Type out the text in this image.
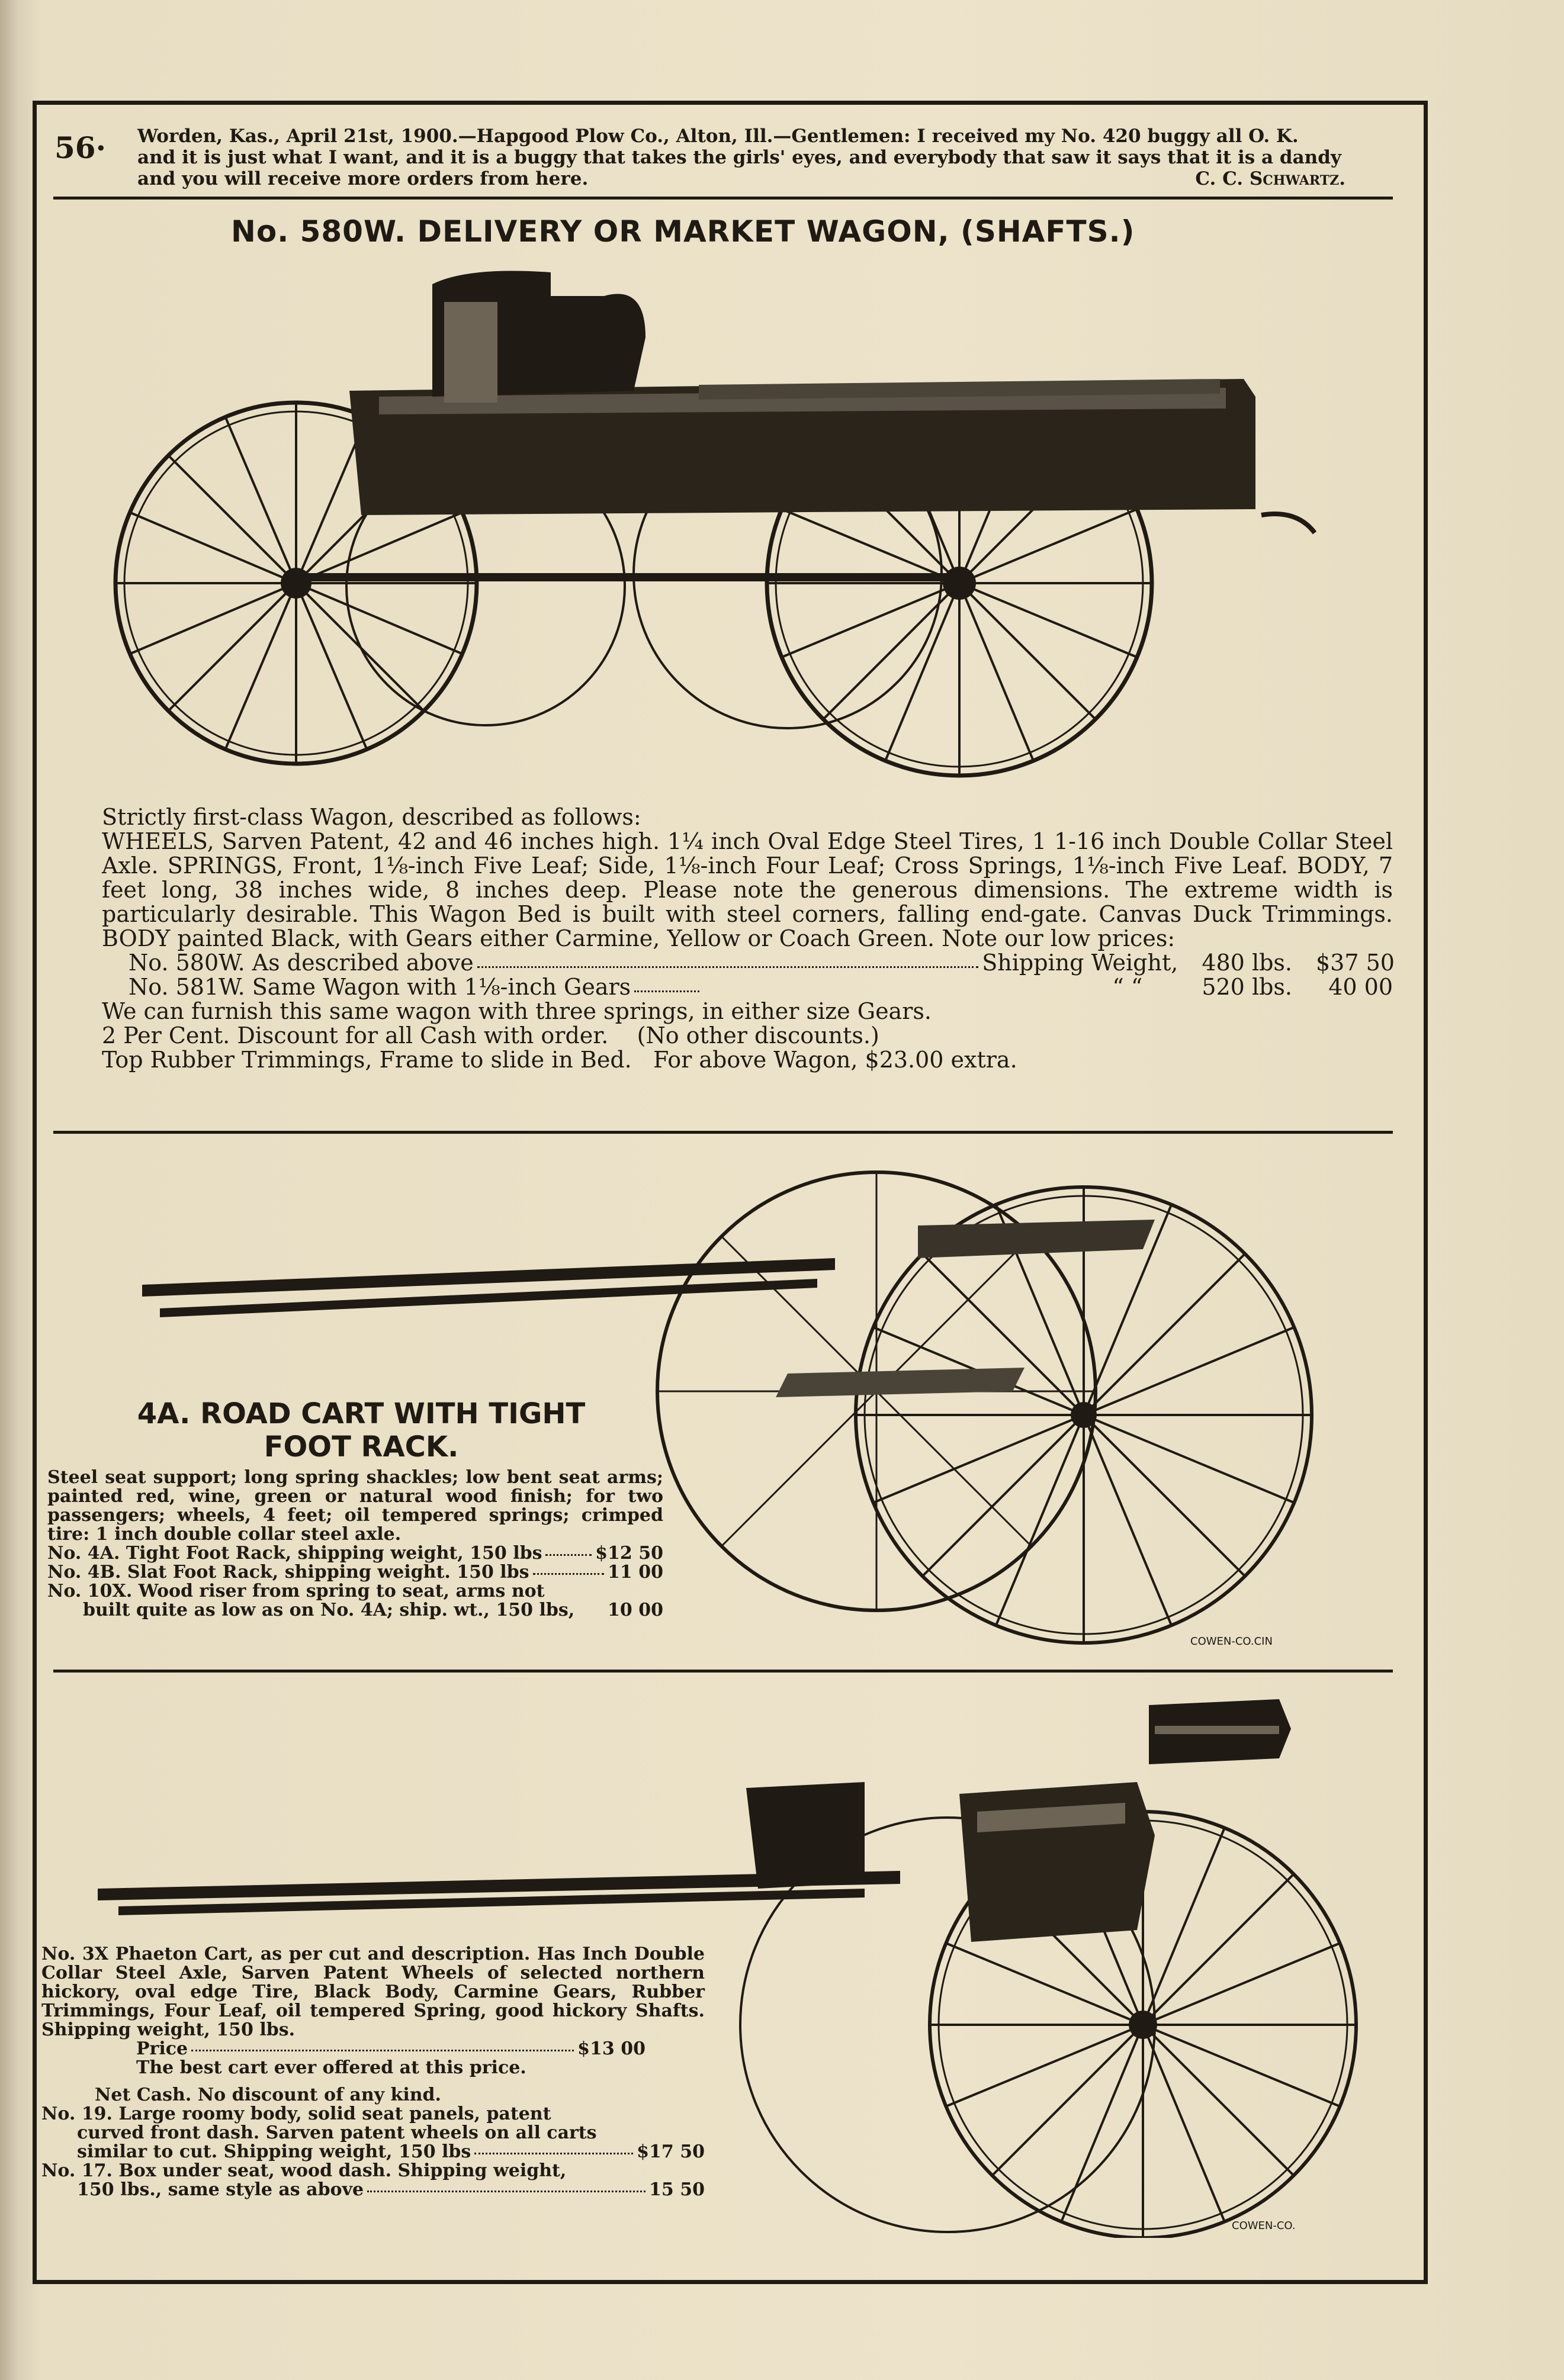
56· Worden, Kas., April 21st, 1900.—Hapgood Plow Co., Alton, Ill.—Gentlemen: I received my No. 420 buggy all O. K.
and it is just what I want, and it is a buggy that takes the girls' eyes, and everybody that saw it says that it is a dandy
and you will receive more orders from here.	C. C. Schwartz.
No. 580W. DELIVERY OR MARKET WAGON, (SHAFTS.)

Strictly first-class Wagon, described as follows:

WHEELS, Sarven Patent, 42 and 46 inches high. 1¼ inch Oval Edge Steel Tires, 1 1-16 inch Double Collar Steel Axle. SPRINGS, Front, 1⅛-inch Five Leaf; Side, 1⅛-inch Four Leaf; Cross Springs, 1⅛-inch Five Leaf. BODY, 7 feet long, 38 inches wide, 8 inches deep. Please note the generous dimensions. The extreme width is particularly desirable. This Wagon Bed is built with steel corners, falling end-gate. Canvas Duck Trimmings. BODY painted Black, with Gears either Carmine, Yellow or Coach Green. Note our low prices:

No. 580W. As described above	Shipping Weight, 480 lbs. $37 50
No. 581W. Same Wagon with 1⅛-inch Gears	“ “	520 lbs.	40 00

We can furnish this same wagon with three springs, in either size Gears.

2 Per Cent. Discount for all Cash with order.    (No other discounts.)

Top Rubber Trimmings, Frame to slide in Bed.   For above Wagon, $23.00 extra.

COWEN-CO.CIN
4A. ROAD CART WITH TIGHT
FOOT RACK.

Steel seat support; long spring shackles; low bent seat arms; painted red, wine, green or natural wood finish; for two passengers; wheels, 4 feet; oil tempered springs; crimped tire: 1 inch double collar steel axle.

No. 4A. Tight Foot Rack, shipping weight, 150 lbs	$12 50
No. 4B. Slat Foot Rack, shipping weight. 150 lbs	11 00
No. 10X. Wood riser from spring to seat, arms not
built quite as low as on No. 4A; ship. wt., 150 lbs, 10 00
COWEN-CO.

No. 3X Phaeton Cart, as per cut and description. Has Inch Double Collar Steel Axle, Sarven Patent Wheels of selected northern hickory, oval edge Tire, Black Body, Carmine Gears, Rubber Trimmings, Four Leaf, oil tempered Spring, good hickory Shafts. Shipping weight, 150 lbs.

Price	$13 00
The best cart ever offered at this price.
Net Cash. No discount of any kind.
No. 19. Large roomy body, solid seat panels, patent
curved front dash. Sarven patent wheels on all carts
similar to cut. Shipping weight, 150 lbs	$17 50
No. 17. Box under seat, wood dash. Shipping weight,
150 lbs., same style as above	15 50
